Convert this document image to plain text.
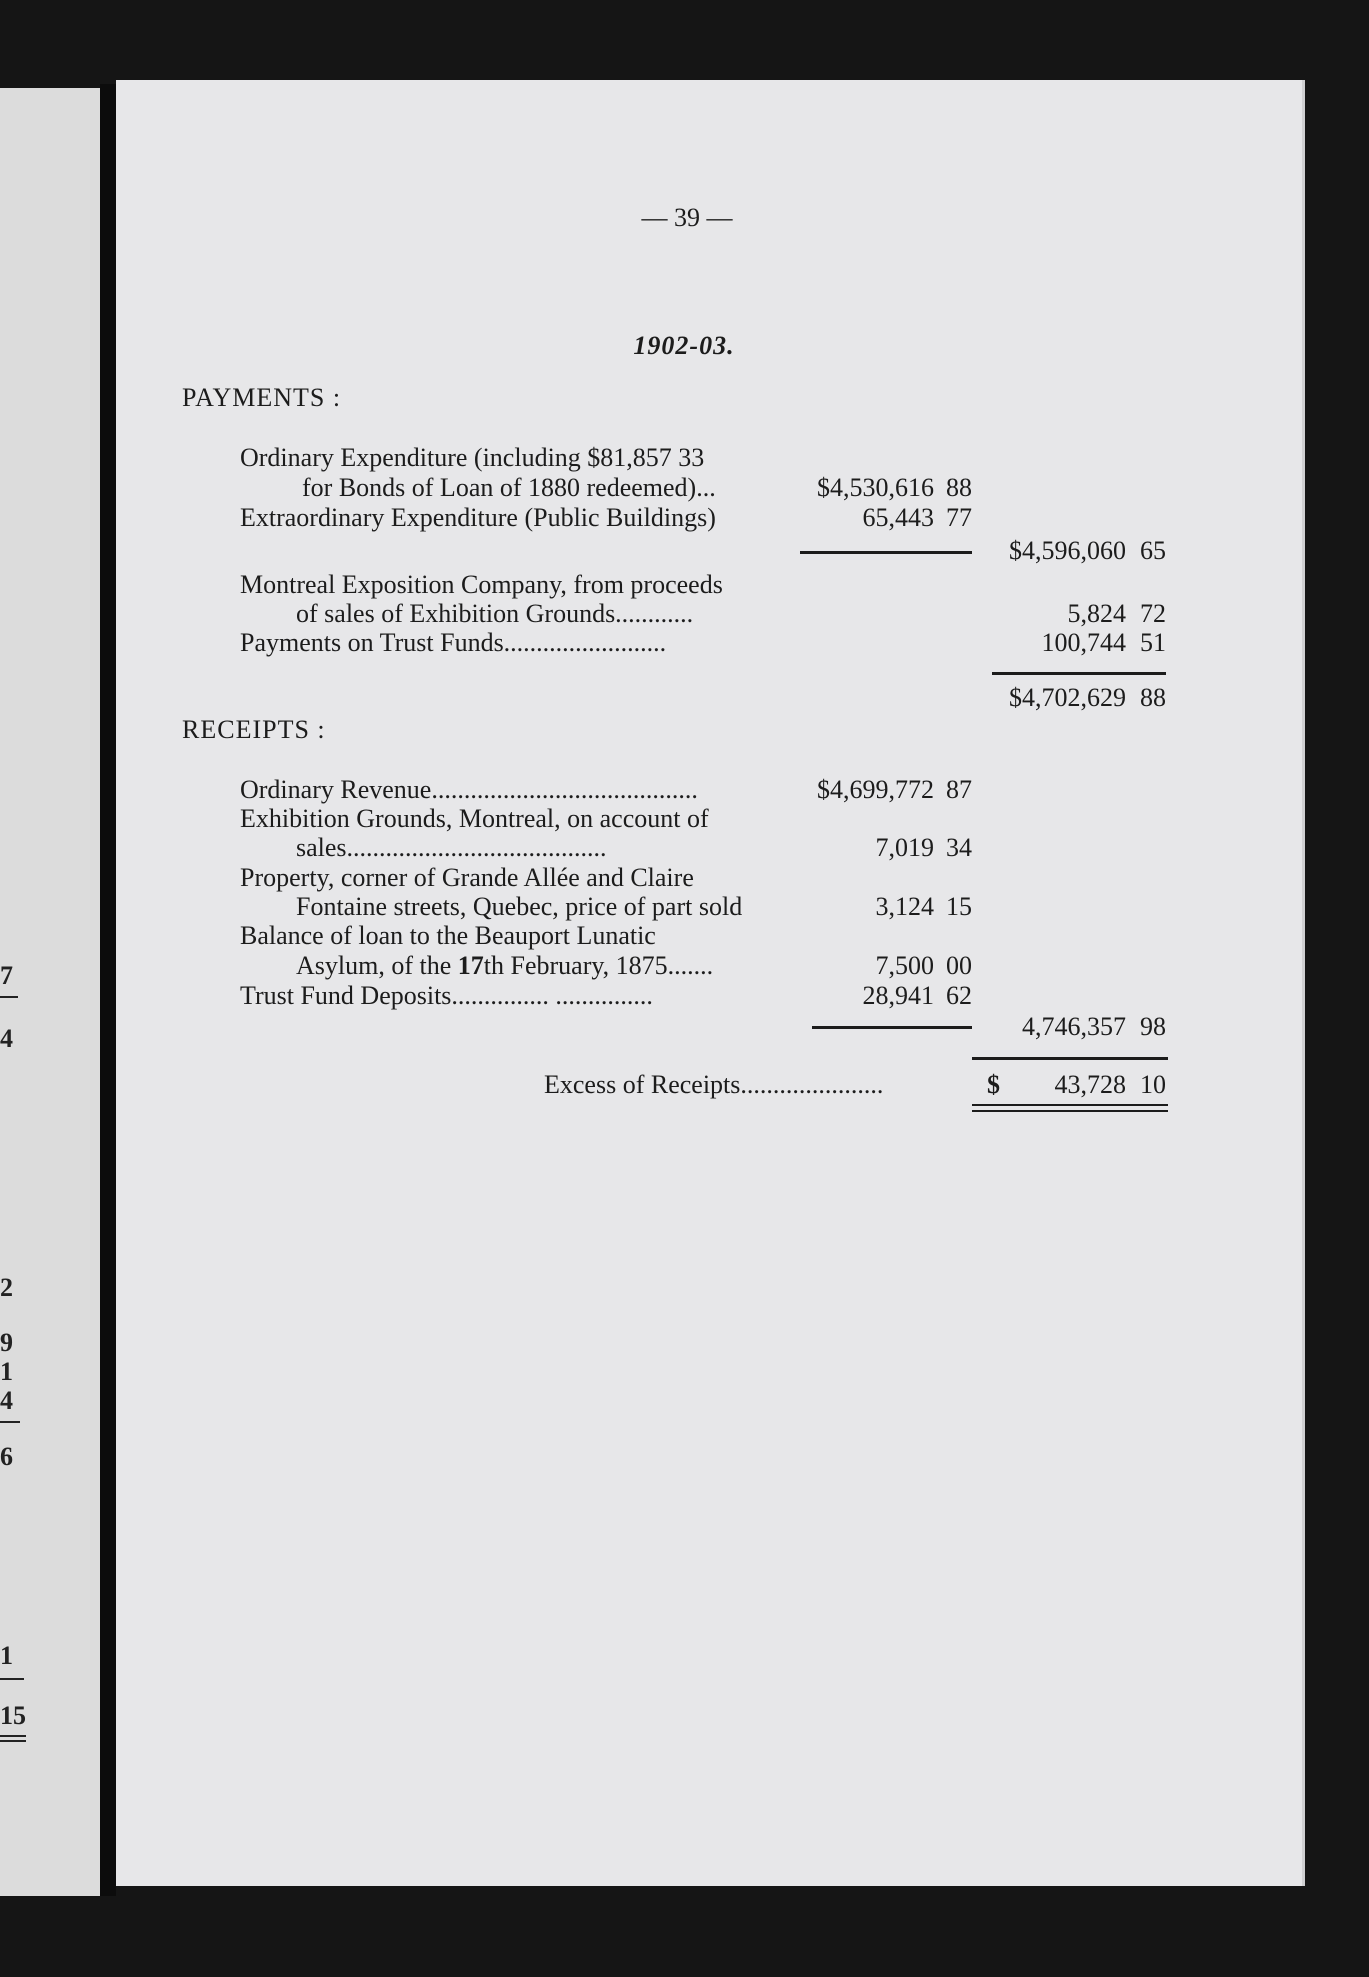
7
4
2
9
1
4
6
1
15
— 39 —
1902-03.
PAYMENTS :
Ordinary Expenditure (including $81,857 33
for Bonds of Loan of 1880 redeemed)...	$4,530,616 88
Extraordinary Expenditure (Public Buildings)	65,443 77
$4,596,060 65
Montreal Exposition Company, from proceeds
of sales of Exhibition Grounds............	5,824 72
Payments on Trust Funds.........................	100,744 51
$4,702,629 88
RECEIPTS :
Ordinary Revenue.........................................	$4,699,772 87
Exhibition Grounds, Montreal, on account of
sales........................................	7,019 34
Property, corner of Grande Allée and Claire
Fontaine streets, Quebec, price of part sold	3,124 15
Balance of loan to the Beauport Lunatic
Asylum, of the 17th February, 1875.......	7,500 00
Trust Fund Deposits............... ...............	28,941 62
4,746,357 98
Excess of Receipts......................	$	43,728 10
